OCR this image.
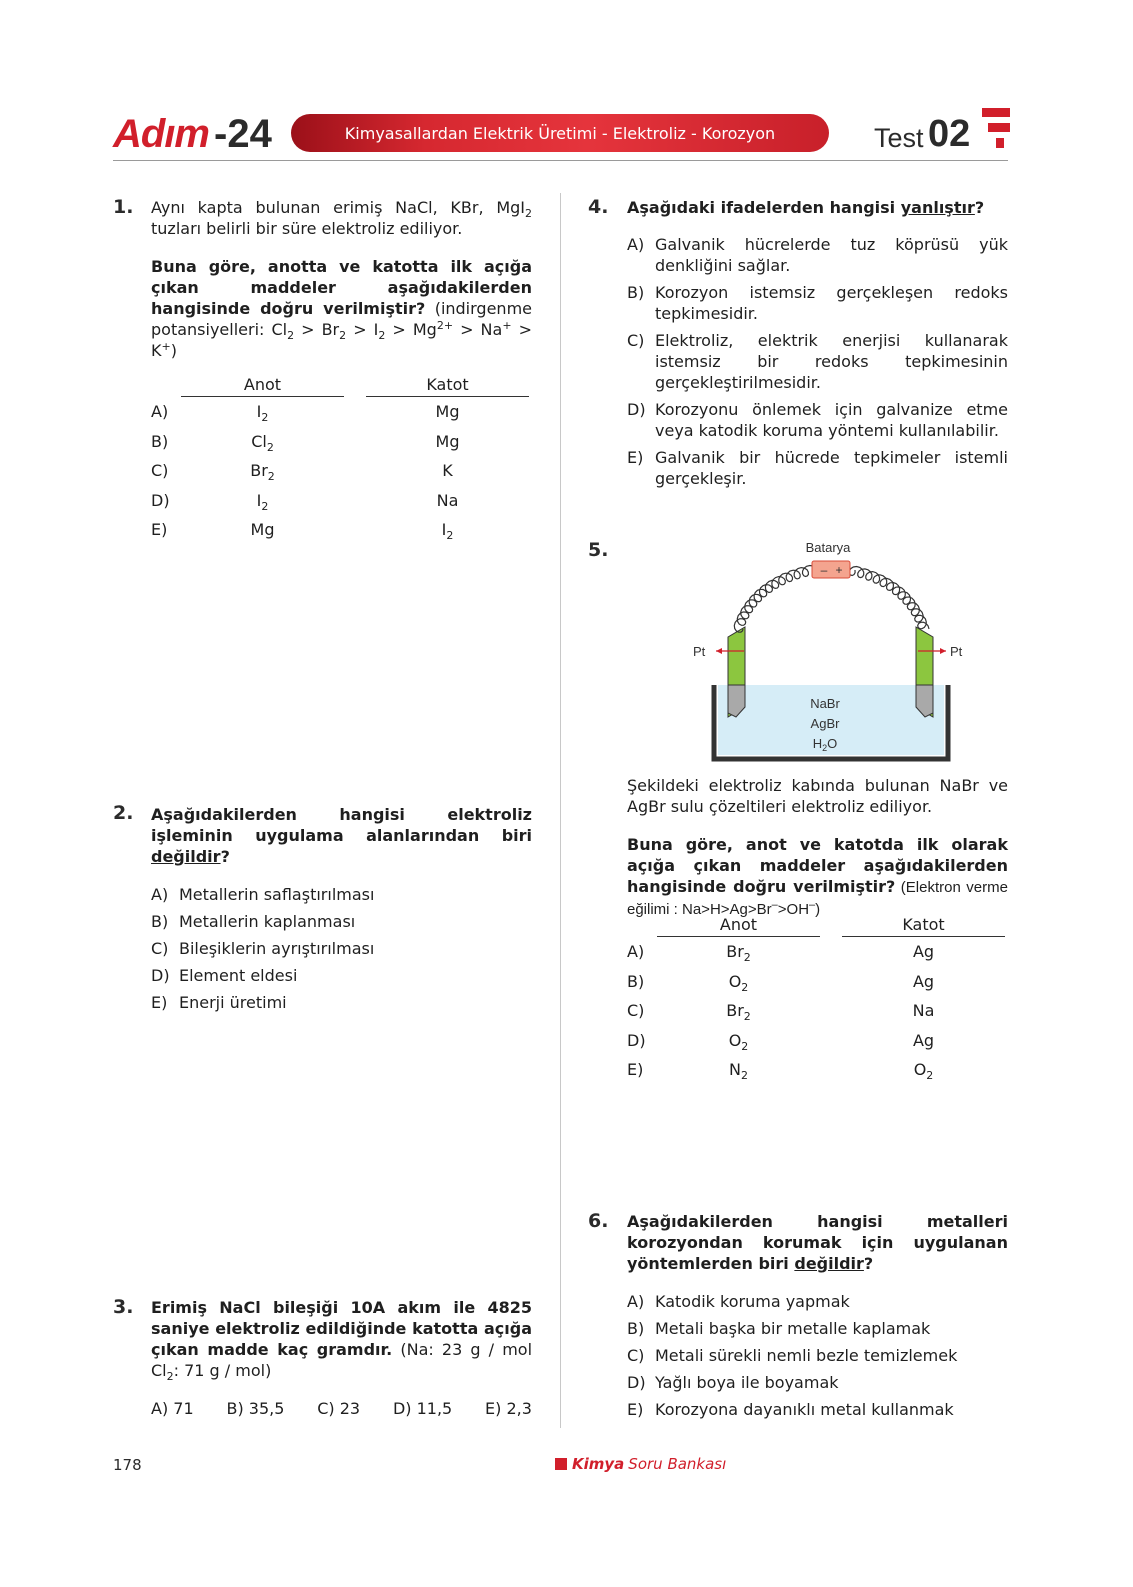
Adım -24	Kimyasallardan Elektrik Üretimi - Elektroliz - Korozyon	Test 02
1. Aynı kapta bulunan erimiş NaCl, KBr, MgI$_2$ tuzları belirli bir süre elektroliz ediliyor.
Buna göre, anotta ve katotta ilk açığa çıkan maddeler aşağıdakilerden hangisinde doğru verilmiştir? (indirgenme potansiyelleri: $Cl_2 > Br_2 > I_2 > Mg^{2+} > Na^+ > K^+$)
	Anot		Katot
A)	$I_2$		Mg
B)	$Cl_2$		Mg
C)	$Br_2$		K
D)	$I_2$		Na
E)	Mg		$I_2$
2. Aşağıdakilerden hangisi elektroliz işleminin uygulama alanlarından biri değildir?
A) Metallerin saflaştırılması
B) Metallerin kaplanması
C) Bileşiklerin ayrıştırılması
D) Element eldesi
E) Enerji üretimi
3. Erimiş NaCl bileşiği 10A akım ile 4825 saniye elektroliz edildiğinde katotta açığa çıkan madde kaç gramdır. (Na: 23 g / mol $Cl_2$: 71 g / mol)
A) 71 B) 35,5 C) 23 D) 11,5 E) 2,3
4. Aşağıdaki ifadelerden hangisi yanlıştır?
A) Galvanik hücrelerde tuz köprüsü yük denkliğini sağlar.
B) Korozyon istemsiz gerçekleşen redoks tepkimesidir.
C) Elektroliz, elektrik enerjisi kullanarak istemsiz bir redoks tepkimesinin gerçekleştirilmesidir.
D) Korozyonu önlemek için galvanize etme veya katodik koruma yöntemi kullanılabilir.
E) Galvanik bir hücrede tepkimeler istemli gerçekleşir.
5.
– +
Batarya
Pt	Pt
NaBr
AgBr
$H_2O$
Şekildeki elektroliz kabında bulunan NaBr ve AgBr sulu çözeltileri elektroliz ediliyor.
Buna göre, anot ve katotda ilk olarak açığa çıkan maddeler aşağıdakilerden hangisinde doğru verilmiştir? (Elektron verme eğilimi : Na>H>Ag>Br–>OH–)
	Anot		Katot
A)	$Br_2$		Ag
B)	$O_2$		Ag
C)	$Br_2$		Na
D)	$O_2$		Ag
E)	$N_2$		$O_2$
6. Aşağıdakilerden hangisi metalleri korozyondan korumak için uygulanan yöntemlerden biri değildir?
A) Katodik koruma yapmak
B) Metali başka bir metalle kaplamak
C) Metali sürekli nemli bezle temizlemek
D) Yağlı boya ile boyamak
E) Korozyona dayanıklı metal kullanmak
178	Kimya Soru Bankası
